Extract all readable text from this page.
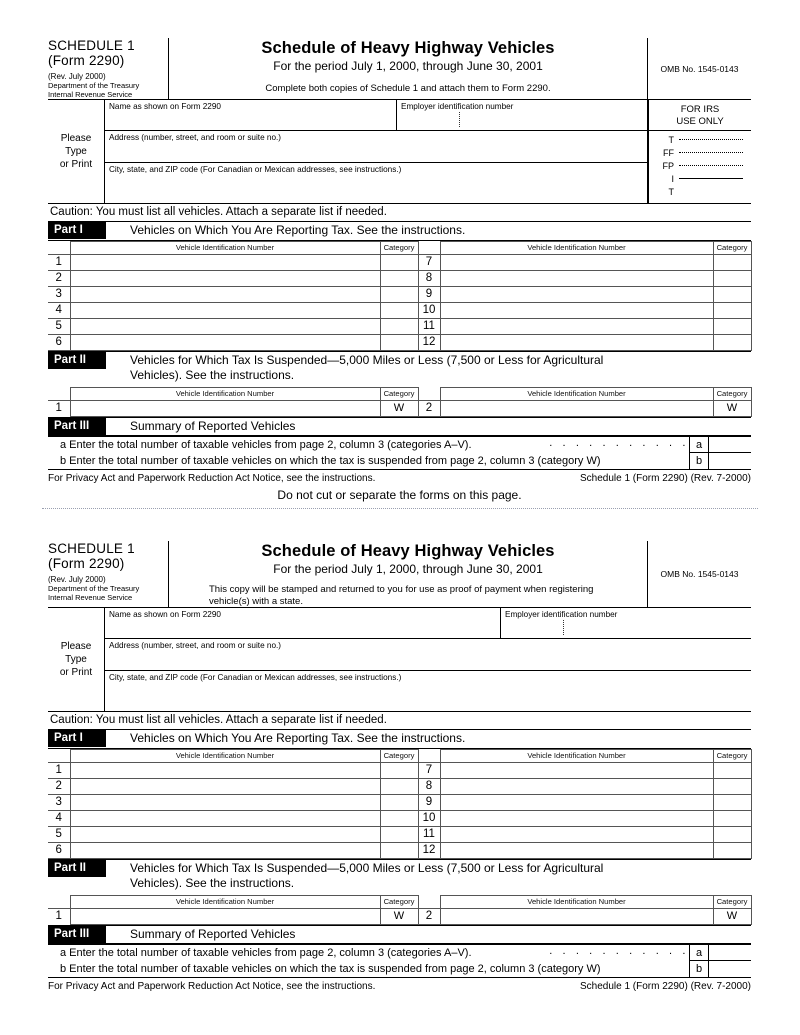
SCHEDULE 1
(Form 2290)
(Rev. July 2000)
Department of the Treasury
Internal Revenue Service
Schedule of Heavy Highway Vehicles
For the period July 1, 2000, through June 30, 2001
Complete both copies of Schedule 1 and attach them to Form 2290.
OMB No. 1545-0143
Please
Type
or Print
Name as shown on Form 2290	Employer identification number
Address (number, street, and room or suite no.)
City, state, and ZIP code (For Canadian or Mexican addresses, see instructions.)
FOR IRS
USE ONLY
T
FF
FP
I
T
Caution: You must list all vehicles. Attach a separate list if needed.
Part I	Vehicles on Which You Are Reporting Tax. See the instructions.
	Vehicle Identification Number	Category		Vehicle Identification Number	Category
1			7		
2			8		
3			9		
4			10		
5			11		
6			12		
Part II	Vehicles for Which Tax Is Suspended—5,000 Miles or Less (7,500 or Less for Agricultural
Vehicles). See the instructions.
	Vehicle Identification Number	Category		Vehicle Identification Number	Category
1		W	2		W
Part III	Summary of Reported Vehicles
a Enter the total number of taxable vehicles from page 2, column 3 (categories A–V).	. . . . . . . . . . . a
b Enter the total number of taxable vehicles on which the tax is suspended from page 2, column 3 (category W)	b
For Privacy Act and Paperwork Reduction Act Notice, see the instructions.	Schedule 1 (Form 2290) (Rev. 7-2000)
Do not cut or separate the forms on this page.
SCHEDULE 1
(Form 2290)
(Rev. July 2000)
Department of the Treasury
Internal Revenue Service
Schedule of Heavy Highway Vehicles
For the period July 1, 2000, through June 30, 2001
This copy will be stamped and returned to you for use as proof of payment when registering
vehicle(s) with a state.
OMB No. 1545-0143
Please
Type
or Print
Name as shown on Form 2290	Employer identification number
Address (number, street, and room or suite no.)
City, state, and ZIP code (For Canadian or Mexican addresses, see instructions.)
Caution: You must list all vehicles. Attach a separate list if needed.
Part I	Vehicles on Which You Are Reporting Tax. See the instructions.
	Vehicle Identification Number	Category		Vehicle Identification Number	Category
1			7		
2			8		
3			9		
4			10		
5			11		
6			12		
Part II	Vehicles for Which Tax Is Suspended—5,000 Miles or Less (7,500 or Less for Agricultural
Vehicles). See the instructions.
	Vehicle Identification Number	Category		Vehicle Identification Number	Category
1		W	2		W
Part III	Summary of Reported Vehicles
a Enter the total number of taxable vehicles from page 2, column 3 (categories A–V).	. . . . . . . . . . . a
b Enter the total number of taxable vehicles on which the tax is suspended from page 2, column 3 (category W)	b
For Privacy Act and Paperwork Reduction Act Notice, see the instructions.	Schedule 1 (Form 2290) (Rev. 7-2000)
